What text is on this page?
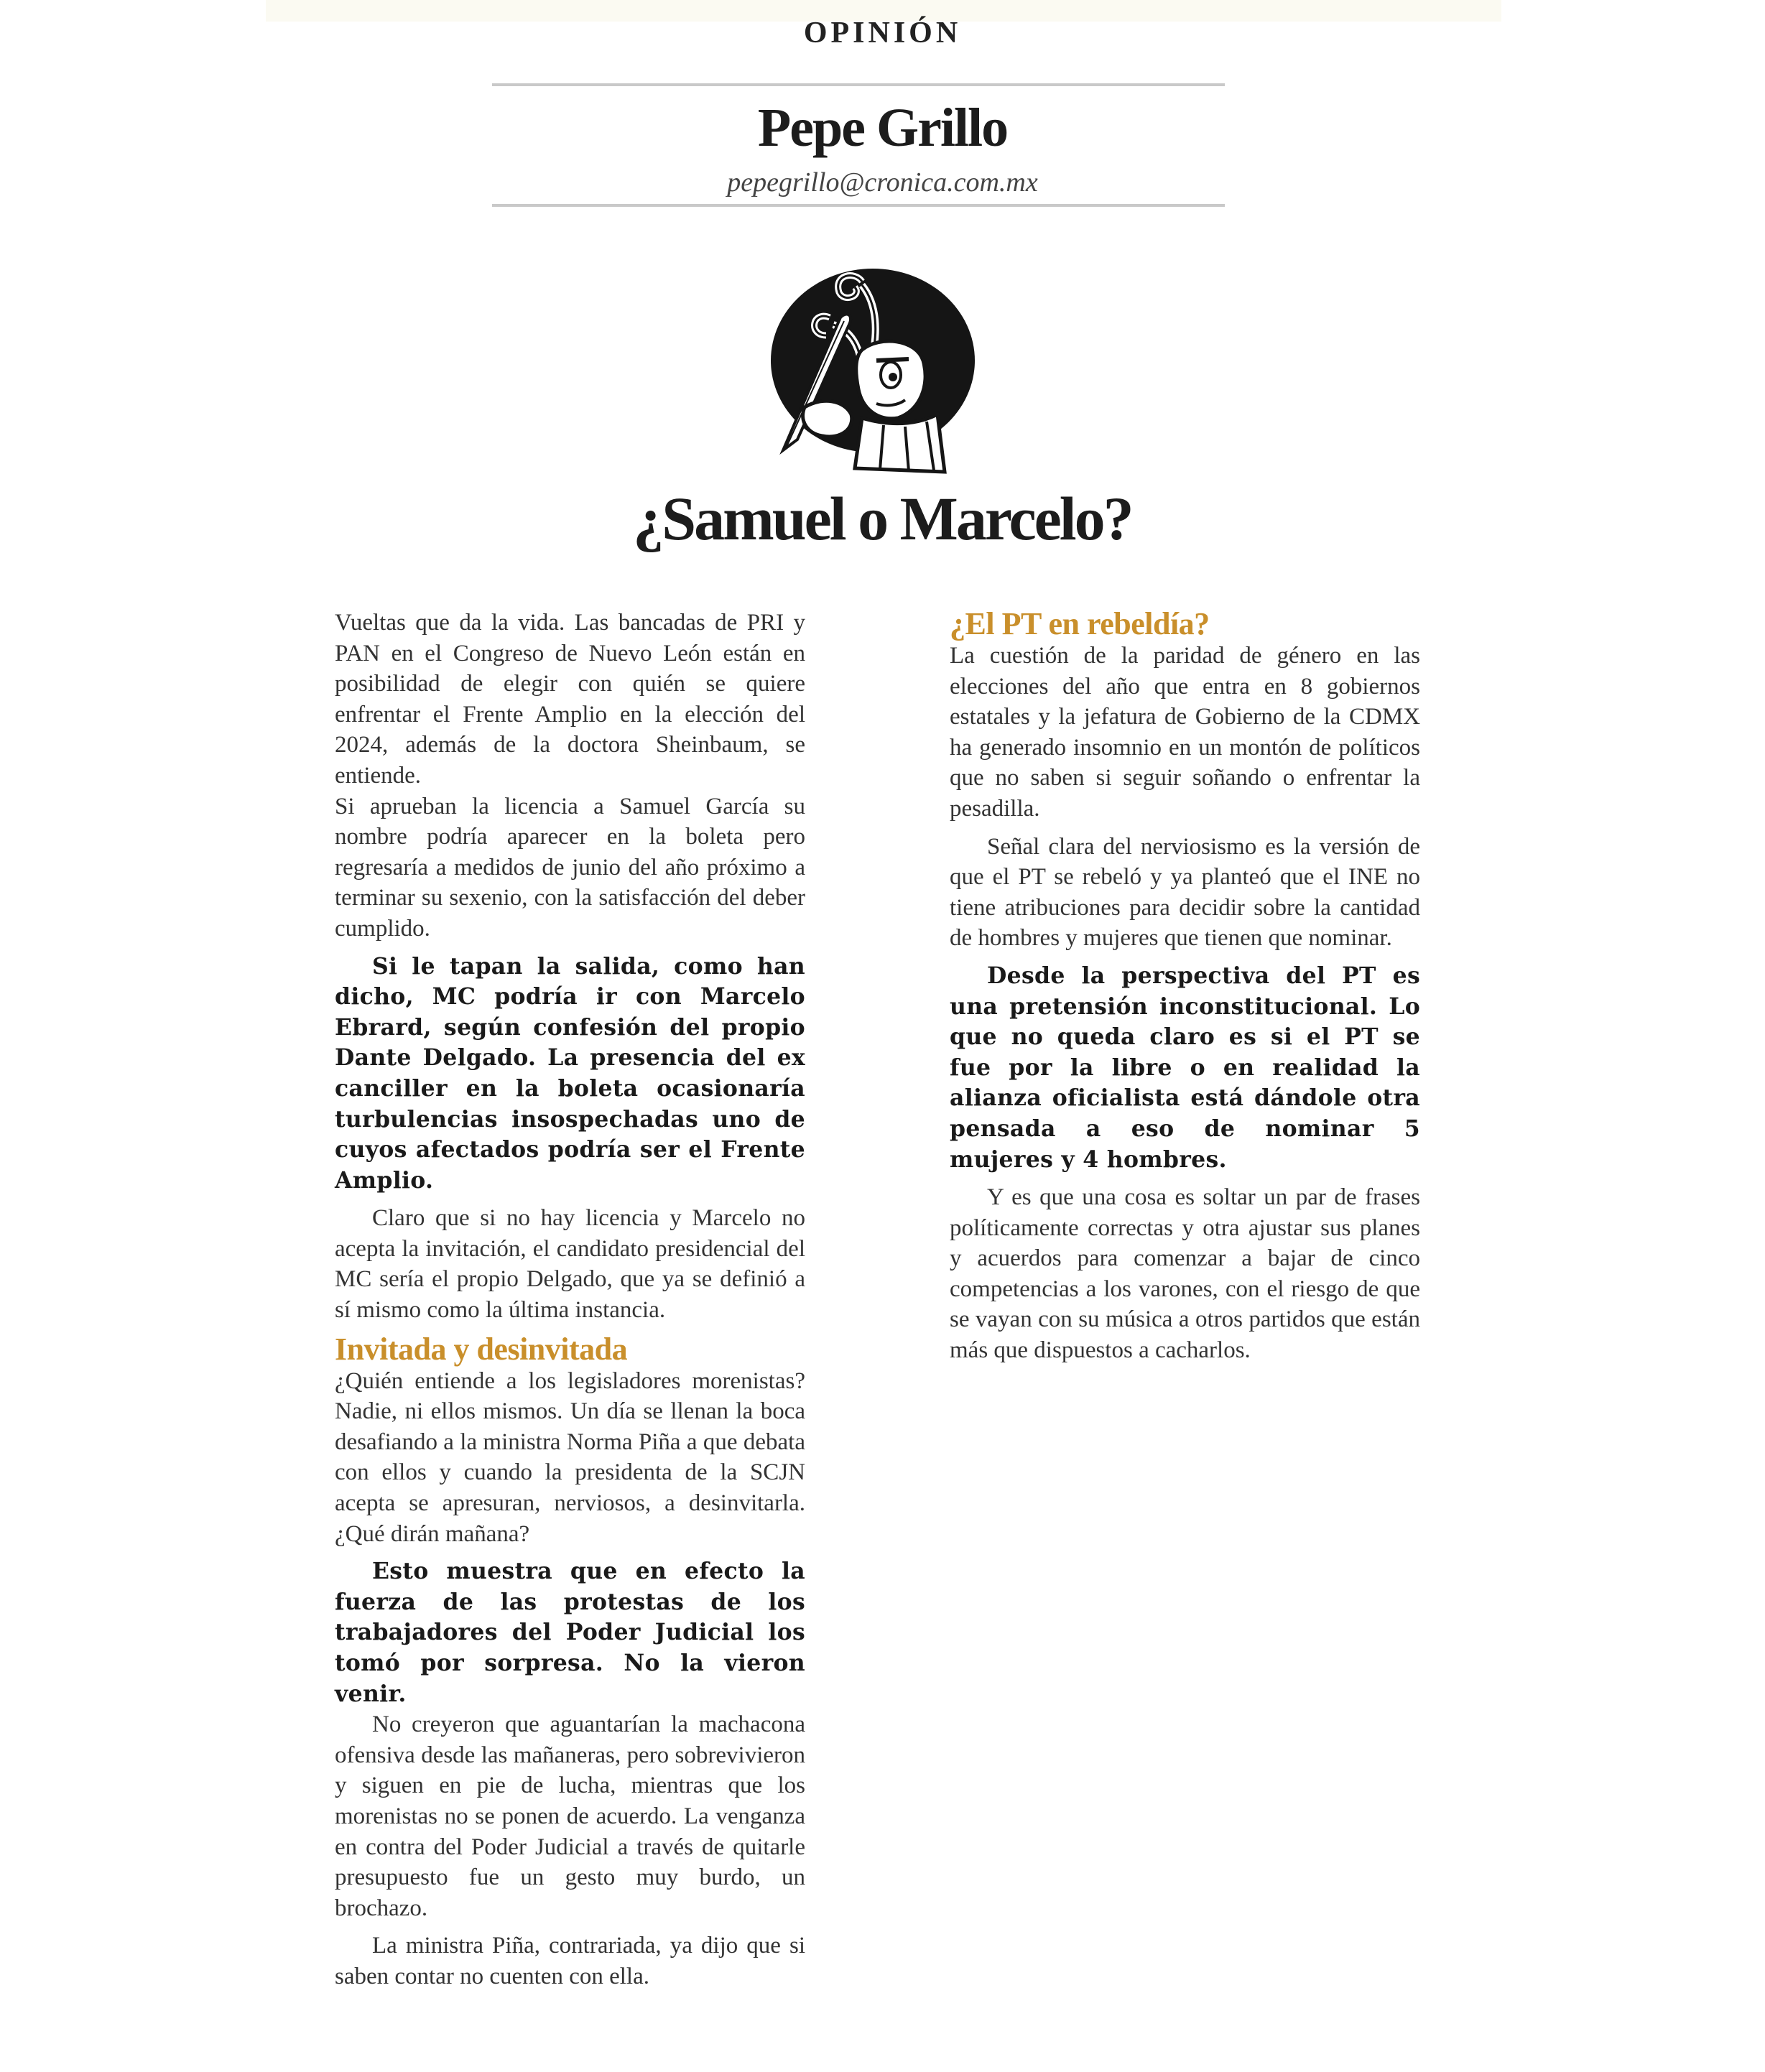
OPINIÓN
Pepe Grillo
pepegrillo@cronica.com.mx
¿Samuel o Marcelo?

Vueltas que da la vida. Las bancadas de PRI y PAN en el Congreso de Nuevo León están en posibilidad de elegir con quién se quiere enfrentar el Frente Amplio en la elección del 2024, además de la doctora Sheinbaum, se entiende.

Si aprueban la licencia a Samuel García su nombre podría aparecer en la boleta pero regresaría a medidos de junio del año próximo a terminar su sexenio, con la satisfacción del deber cumplido.

Si le tapan la salida, como han dicho, MC podría ir con Marcelo Ebrard, según confesión del propio Dante Delgado. La presencia del ex canciller en la boleta ocasionaría turbulencias insospechadas uno de cuyos afectados podría ser el Frente Amplio.

Claro que si no hay licencia y Marcelo no acepta la invitación, el candidato presidencial del MC sería el propio Delgado, que ya se definió a sí mismo como la última instancia.

Invitada y desinvitada

¿Quién entiende a los legisladores morenistas? Nadie, ni ellos mismos. Un día se llenan la boca desafiando a la ministra Norma Piña a que debata con ellos y cuando la presidenta de la SCJN acepta se apresuran, nerviosos, a desinvitarla. ¿Qué dirán mañana?

Esto muestra que en efecto la fuerza de las protestas de los trabajadores del Poder Judicial los tomó por sorpresa. No la vieron venir.

No creyeron que aguantarían la machacona ofensiva desde las mañaneras, pero sobrevivieron y siguen en pie de lucha, mientras que los morenistas no se ponen de acuerdo. La venganza en contra del Poder Judicial a través de quitarle presupuesto fue un gesto muy burdo, un brochazo.

La ministra Piña, contrariada, ya dijo que si saben contar no cuenten con ella.

¿El PT en rebeldía?

La cuestión de la paridad de género en las elecciones del año que entra en 8 gobiernos estatales y la jefatura de Gobierno de la CDMX ha generado insomnio en un montón de políticos que no saben si seguir soñando o enfrentar la pesadilla.

Señal clara del nerviosismo es la versión de que el PT se rebeló y ya planteó que el INE no tiene atribuciones para decidir sobre la cantidad de hombres y mujeres que tienen que nominar.

Desde la perspectiva del PT es una pretensión inconstitucional. Lo que no queda claro es si el PT se fue por la libre o en realidad la alianza oficialista está dándole otra pensada a eso de nominar 5 mujeres y 4 hombres.

Y es que una cosa es soltar un par de frases políticamente correctas y otra ajustar sus planes y acuerdos para comenzar a bajar de cinco competencias a los varones, con el riesgo de que se vayan con su música a otros partidos que están más que dispuestos a cacharlos.
